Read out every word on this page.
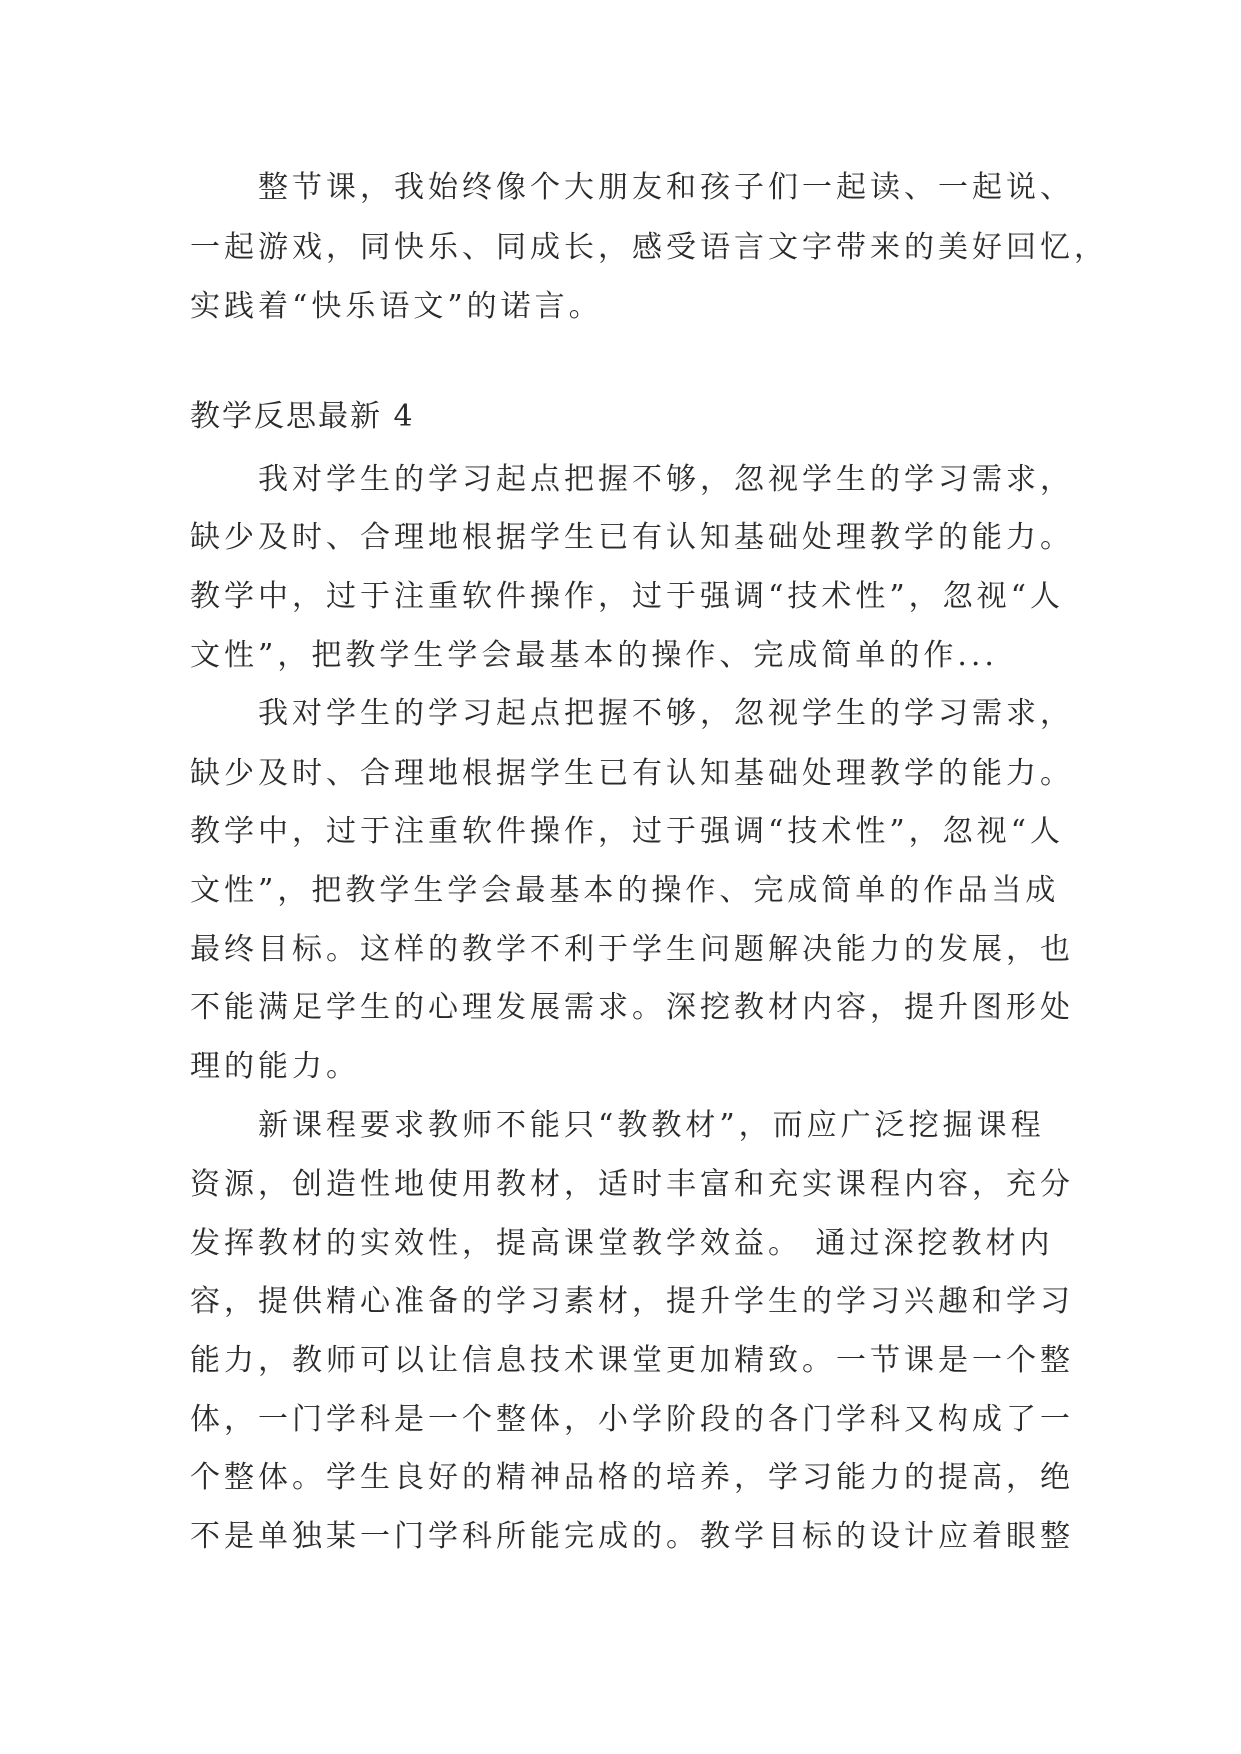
整节课，我始终像个大朋友和孩子们一起读、一起说、
一起游戏，同快乐、同成长，感受语言文字带来的美好回忆，
实践着“快乐语文”的诺言。
教学反思最新 4
我对学生的学习起点把握不够，忽视学生的学习需求，
缺少及时、合理地根据学生已有认知基础处理教学的能力。
教学中，过于注重软件操作，过于强调“技术性”，忽视“人
文性”，把教学生学会最基本的操作、完成简单的作...
我对学生的学习起点把握不够，忽视学生的学习需求，
缺少及时、合理地根据学生已有认知基础处理教学的能力。
教学中，过于注重软件操作，过于强调“技术性”，忽视“人
文性”，把教学生学会最基本的操作、完成简单的作品当成
最终目标。这样的教学不利于学生问题解决能力的发展，也
不能满足学生的心理发展需求。深挖教材内容，提升图形处
理的能力。
新课程要求教师不能只“教教材”，而应广泛挖掘课程
资源，创造性地使用教材，适时丰富和充实课程内容，充分
发挥教材的实效性，提高课堂教学效益。 通过深挖教材内
容，提供精心准备的学习素材，提升学生的学习兴趣和学习
能力，教师可以让信息技术课堂更加精致。一节课是一个整
体，一门学科是一个整体，小学阶段的各门学科又构成了一
个整体。学生良好的精神品格的培养，学习能力的提高，绝
不是单独某一门学科所能完成的。教学目标的设计应着眼整
